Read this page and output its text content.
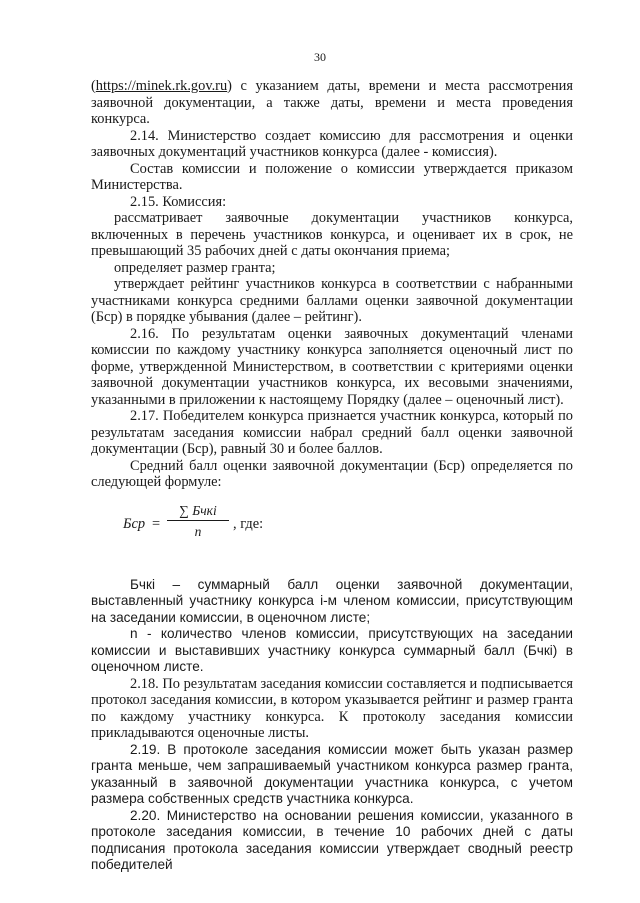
30

(https://minek.rk.gov.ru) с указанием даты, времени и места рассмотрения заявочной документации, а также даты, времени и места проведения конкурса.

2.14. Министерство создает комиссию для рассмотрения и оценки заявочных документаций участников конкурса (далее - комиссия).

Состав комиссии и положение о комиссии утверждается приказом Министерства.

2.15. Комиссия:

рассматривает заявочные документации участников конкурса, включенных в перечень участников конкурса, и оценивает их в срок, не превышающий 35 рабочих дней с даты окончания приема;

определяет размер гранта;

утверждает рейтинг участников конкурса в соответствии с набранными участниками конкурса средними баллами оценки заявочной документации (Бср) в порядке убывания (далее – рейтинг).

2.16. По результатам оценки заявочных документаций членами комиссии по каждому участнику конкурса заполняется оценочный лист по форме, утвержденной Министерством, в соответствии с критериями оценки заявочной документации участников конкурса, их весовыми значениями, указанными в приложении к настоящему Порядку (далее – оценочный лист).

2.17. Победителем конкурса признается участник конкурса, который по результатам заседания комиссии набрал средний балл оценки заявочной документации (Бср), равный 30 и более баллов.

Средний балл оценки заявочной документации (Бср) определяется по следующей формуле:

Бср =
∑ Бчкi
n	, где:

Бчкi – суммарный балл оценки заявочной документации, выставленный участнику конкурса i-м членом комиссии, присутствующим на заседании комиссии, в оценочном листе;

n - количество членов комиссии, присутствующих на заседании комиссии и выставивших участнику конкурса суммарный балл (Бчкi) в оценочном листе.

2.18. По результатам заседания комиссии составляется и подписывается протокол заседания комиссии, в котором указывается рейтинг и размер гранта по каждому участнику конкурса. К протоколу заседания комиссии прикладываются оценочные листы.

2.19. В протоколе заседания комиссии может быть указан размер гранта меньше, чем запрашиваемый участником конкурса размер гранта, указанный в заявочной документации участника конкурса, с учетом размера собственных средств участника конкурса.

2.20. Министерство на основании решения комиссии, указанного в протоколе заседания комиссии, в течение 10 рабочих дней с даты подписания протокола заседания комиссии утверждает сводный реестр победителей
